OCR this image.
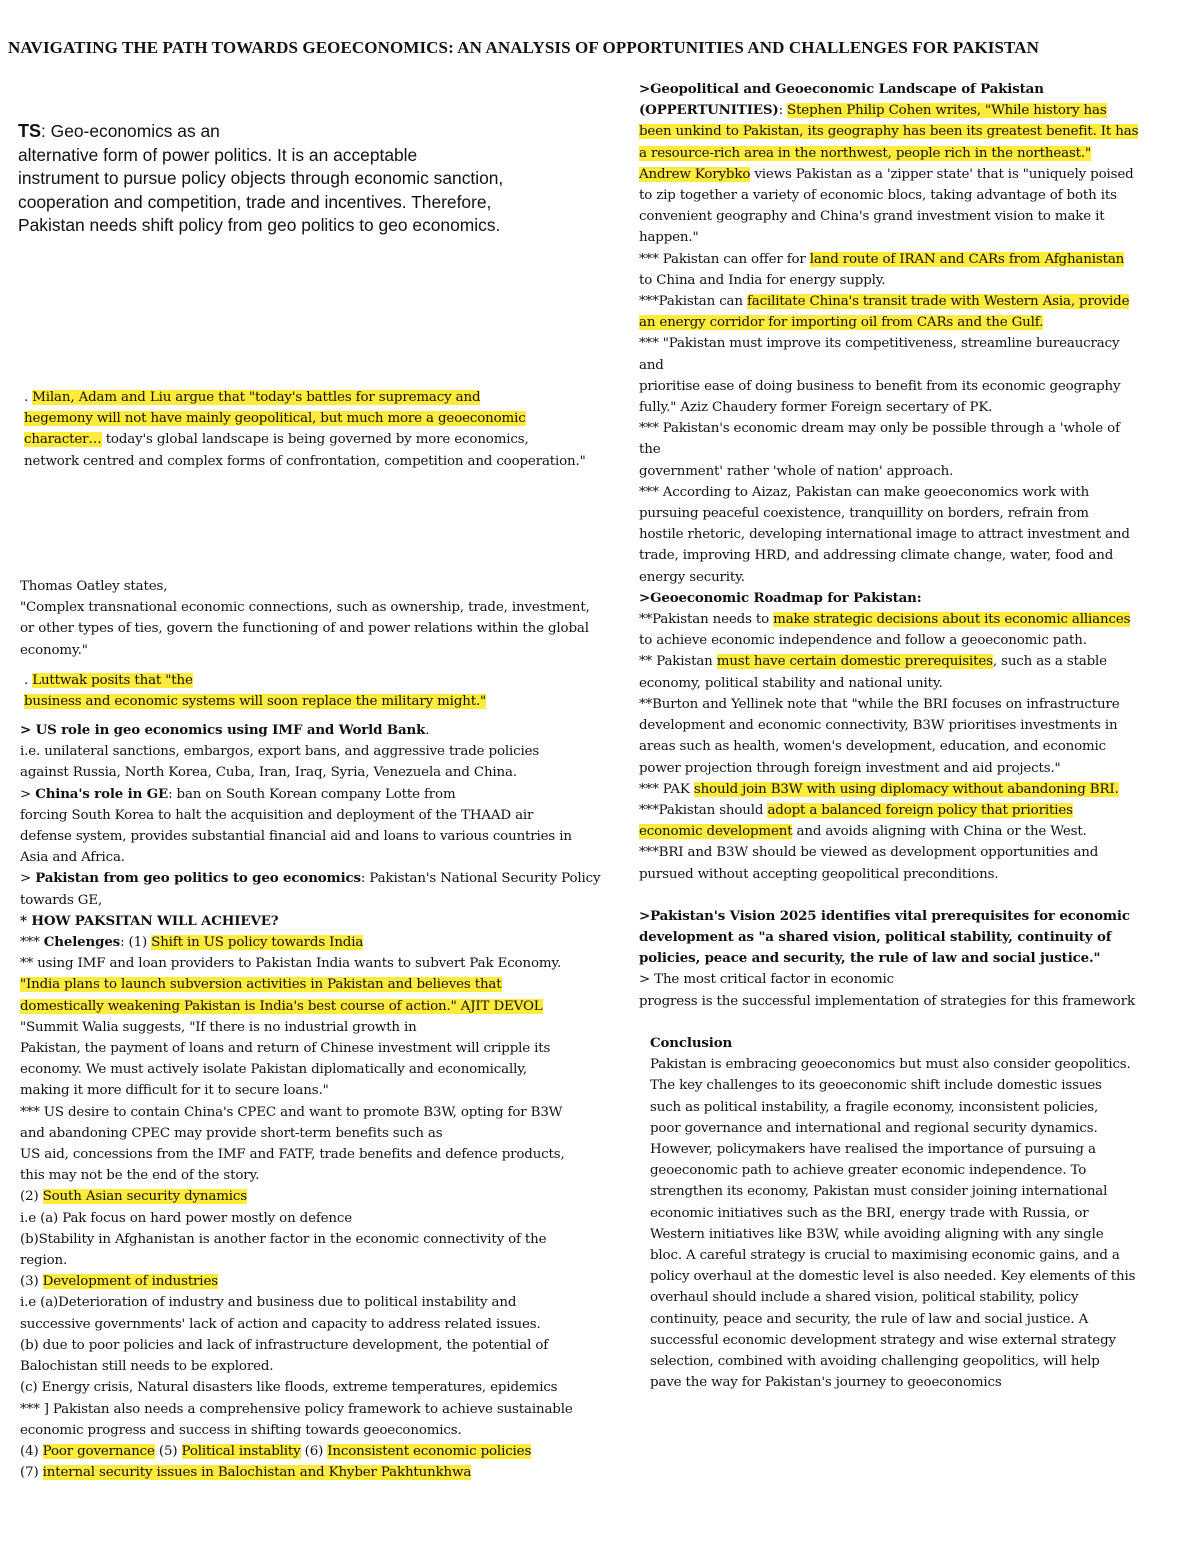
NAVIGATING THE PATH TOWARDS GEOECONOMICS: AN ANALYSIS OF OPPORTUNITIES AND CHALLENGES FOR PAKISTAN
TS: Geo-economics as an
alternative form of power politics. It is an acceptable
instrument to pursue policy objects through economic sanction,
cooperation and competition, trade and incentives. Therefore,
Pakistan needs shift policy from geo politics to geo economics.
. Milan, Adam and Liu argue that "today's battles for supremacy and
hegemony will not have mainly geopolitical, but much more a geoeconomic
character… today's global landscape is being governed by more economics,
network centred and complex forms of confrontation, competition and cooperation."
Thomas Oatley states,
"Complex transnational economic connections, such as ownership, trade, investment,
or other types of ties, govern the functioning of and power relations within the global
economy."
. Luttwak posits that "the
business and economic systems will soon replace the military might."
> US role in geo economics using IMF and World Bank.
i.e. unilateral sanctions, embargos, export bans, and aggressive trade policies
against Russia, North Korea, Cuba, Iran, Iraq, Syria, Venezuela and China.
> China's role in GE: ban on South Korean company Lotte from
forcing South Korea to halt the acquisition and deployment of the THAAD air
defense system, provides substantial financial aid and loans to various countries in
Asia and Africa.
> Pakistan from geo politics to geo economics: Pakistan's National Security Policy
towards GE,
* HOW PAKSITAN WILL ACHIEVE?
*** Chelenges: (1) Shift in US policy towards India
** using IMF and loan providers to Pakistan India wants to subvert Pak Economy.
"India plans to launch subversion activities in Pakistan and believes that
domestically weakening Pakistan is India's best course of action." AJIT DEVOL
"Summit Walia suggests, "If there is no industrial growth in
Pakistan, the payment of loans and return of Chinese investment will cripple its
economy. We must actively isolate Pakistan diplomatically and economically,
making it more difficult for it to secure loans."
*** US desire to contain China's CPEC and want to promote B3W, opting for B3W
and abandoning CPEC may provide short-term benefits such as
US aid, concessions from the IMF and FATF, trade benefits and defence products,
this may not be the end of the story.
(2) South Asian security dynamics
i.e (a) Pak focus on hard power mostly on defence
(b)Stability in Afghanistan is another factor in the economic connectivity of the
region.
(3) Development of industries
i.e (a)Deterioration of industry and business due to political instability and
successive governments' lack of action and capacity to address related issues.
(b) due to poor policies and lack of infrastructure development, the potential of
Balochistan still needs to be explored.
(c) Energy crisis, Natural disasters like floods, extreme temperatures, epidemics
*** ] Pakistan also needs a comprehensive policy framework to achieve sustainable
economic progress and success in shifting towards geoeconomics.
(4) Poor governance (5) Political instablity (6) Inconsistent economic policies
(7) internal security issues in Balochistan and Khyber Pakhtunkhwa
>Geopolitical and Geoeconomic Landscape of Pakistan
(OPPERTUNITIES): Stephen Philip Cohen writes, "While history has
been unkind to Pakistan, its geography has been its greatest benefit. It has
a resource-rich area in the northwest, people rich in the northeast."
Andrew Korybko views Pakistan as a 'zipper state' that is "uniquely poised
to zip together a variety of economic blocs, taking advantage of both its
convenient geography and China's grand investment vision to make it
happen."
*** Pakistan can offer for land route of IRAN and CARs from Afghanistan
to China and India for energy supply.
***Pakistan can facilitate China's transit trade with Western Asia, provide
an energy corridor for importing oil from CARs and the Gulf.
*** "Pakistan must improve its competitiveness, streamline bureaucracy
and
prioritise ease of doing business to benefit from its economic geography
fully." Aziz Chaudery former Foreign secertary of PK.
*** Pakistan's economic dream may only be possible through a 'whole of
the
government' rather 'whole of nation' approach.
*** According to Aizaz, Pakistan can make geoeconomics work with
pursuing peaceful coexistence, tranquillity on borders, refrain from
hostile rhetoric, developing international image to attract investment and
trade, improving HRD, and addressing climate change, water, food and
energy security.
>Geoeconomic Roadmap for Pakistan:
**Pakistan needs to make strategic decisions about its economic alliances
to achieve economic independence and follow a geoeconomic path.
** Pakistan must have certain domestic prerequisites, such as a stable
economy, political stability and national unity.
**Burton and Yellinek note that "while the BRI focuses on infrastructure
development and economic connectivity, B3W prioritises investments in
areas such as health, women's development, education, and economic
power projection through foreign investment and aid projects."
*** PAK should join B3W with using diplomacy without abandoning BRI.
***Pakistan should adopt a balanced foreign policy that priorities
economic development and avoids aligning with China or the West.
***BRI and B3W should be viewed as development opportunities and
pursued without accepting geopolitical preconditions.
>Pakistan's Vision 2025 identifies vital prerequisites for economic
development as "a shared vision, political stability, continuity of
policies, peace and security, the rule of law and social justice."
> The most critical factor in economic
progress is the successful implementation of strategies for this framework
Conclusion
Pakistan is embracing geoeconomics but must also consider geopolitics.
The key challenges to its geoeconomic shift include domestic issues
such as political instability, a fragile economy, inconsistent policies,
poor governance and international and regional security dynamics.
However, policymakers have realised the importance of pursuing a
geoeconomic path to achieve greater economic independence. To
strengthen its economy, Pakistan must consider joining international
economic initiatives such as the BRI, energy trade with Russia, or
Western initiatives like B3W, while avoiding aligning with any single
bloc. A careful strategy is crucial to maximising economic gains, and a
policy overhaul at the domestic level is also needed. Key elements of this
overhaul should include a shared vision, political stability, policy
continuity, peace and security, the rule of law and social justice. A
successful economic development strategy and wise external strategy
selection, combined with avoiding challenging geopolitics, will help
pave the way for Pakistan's journey to geoeconomics
